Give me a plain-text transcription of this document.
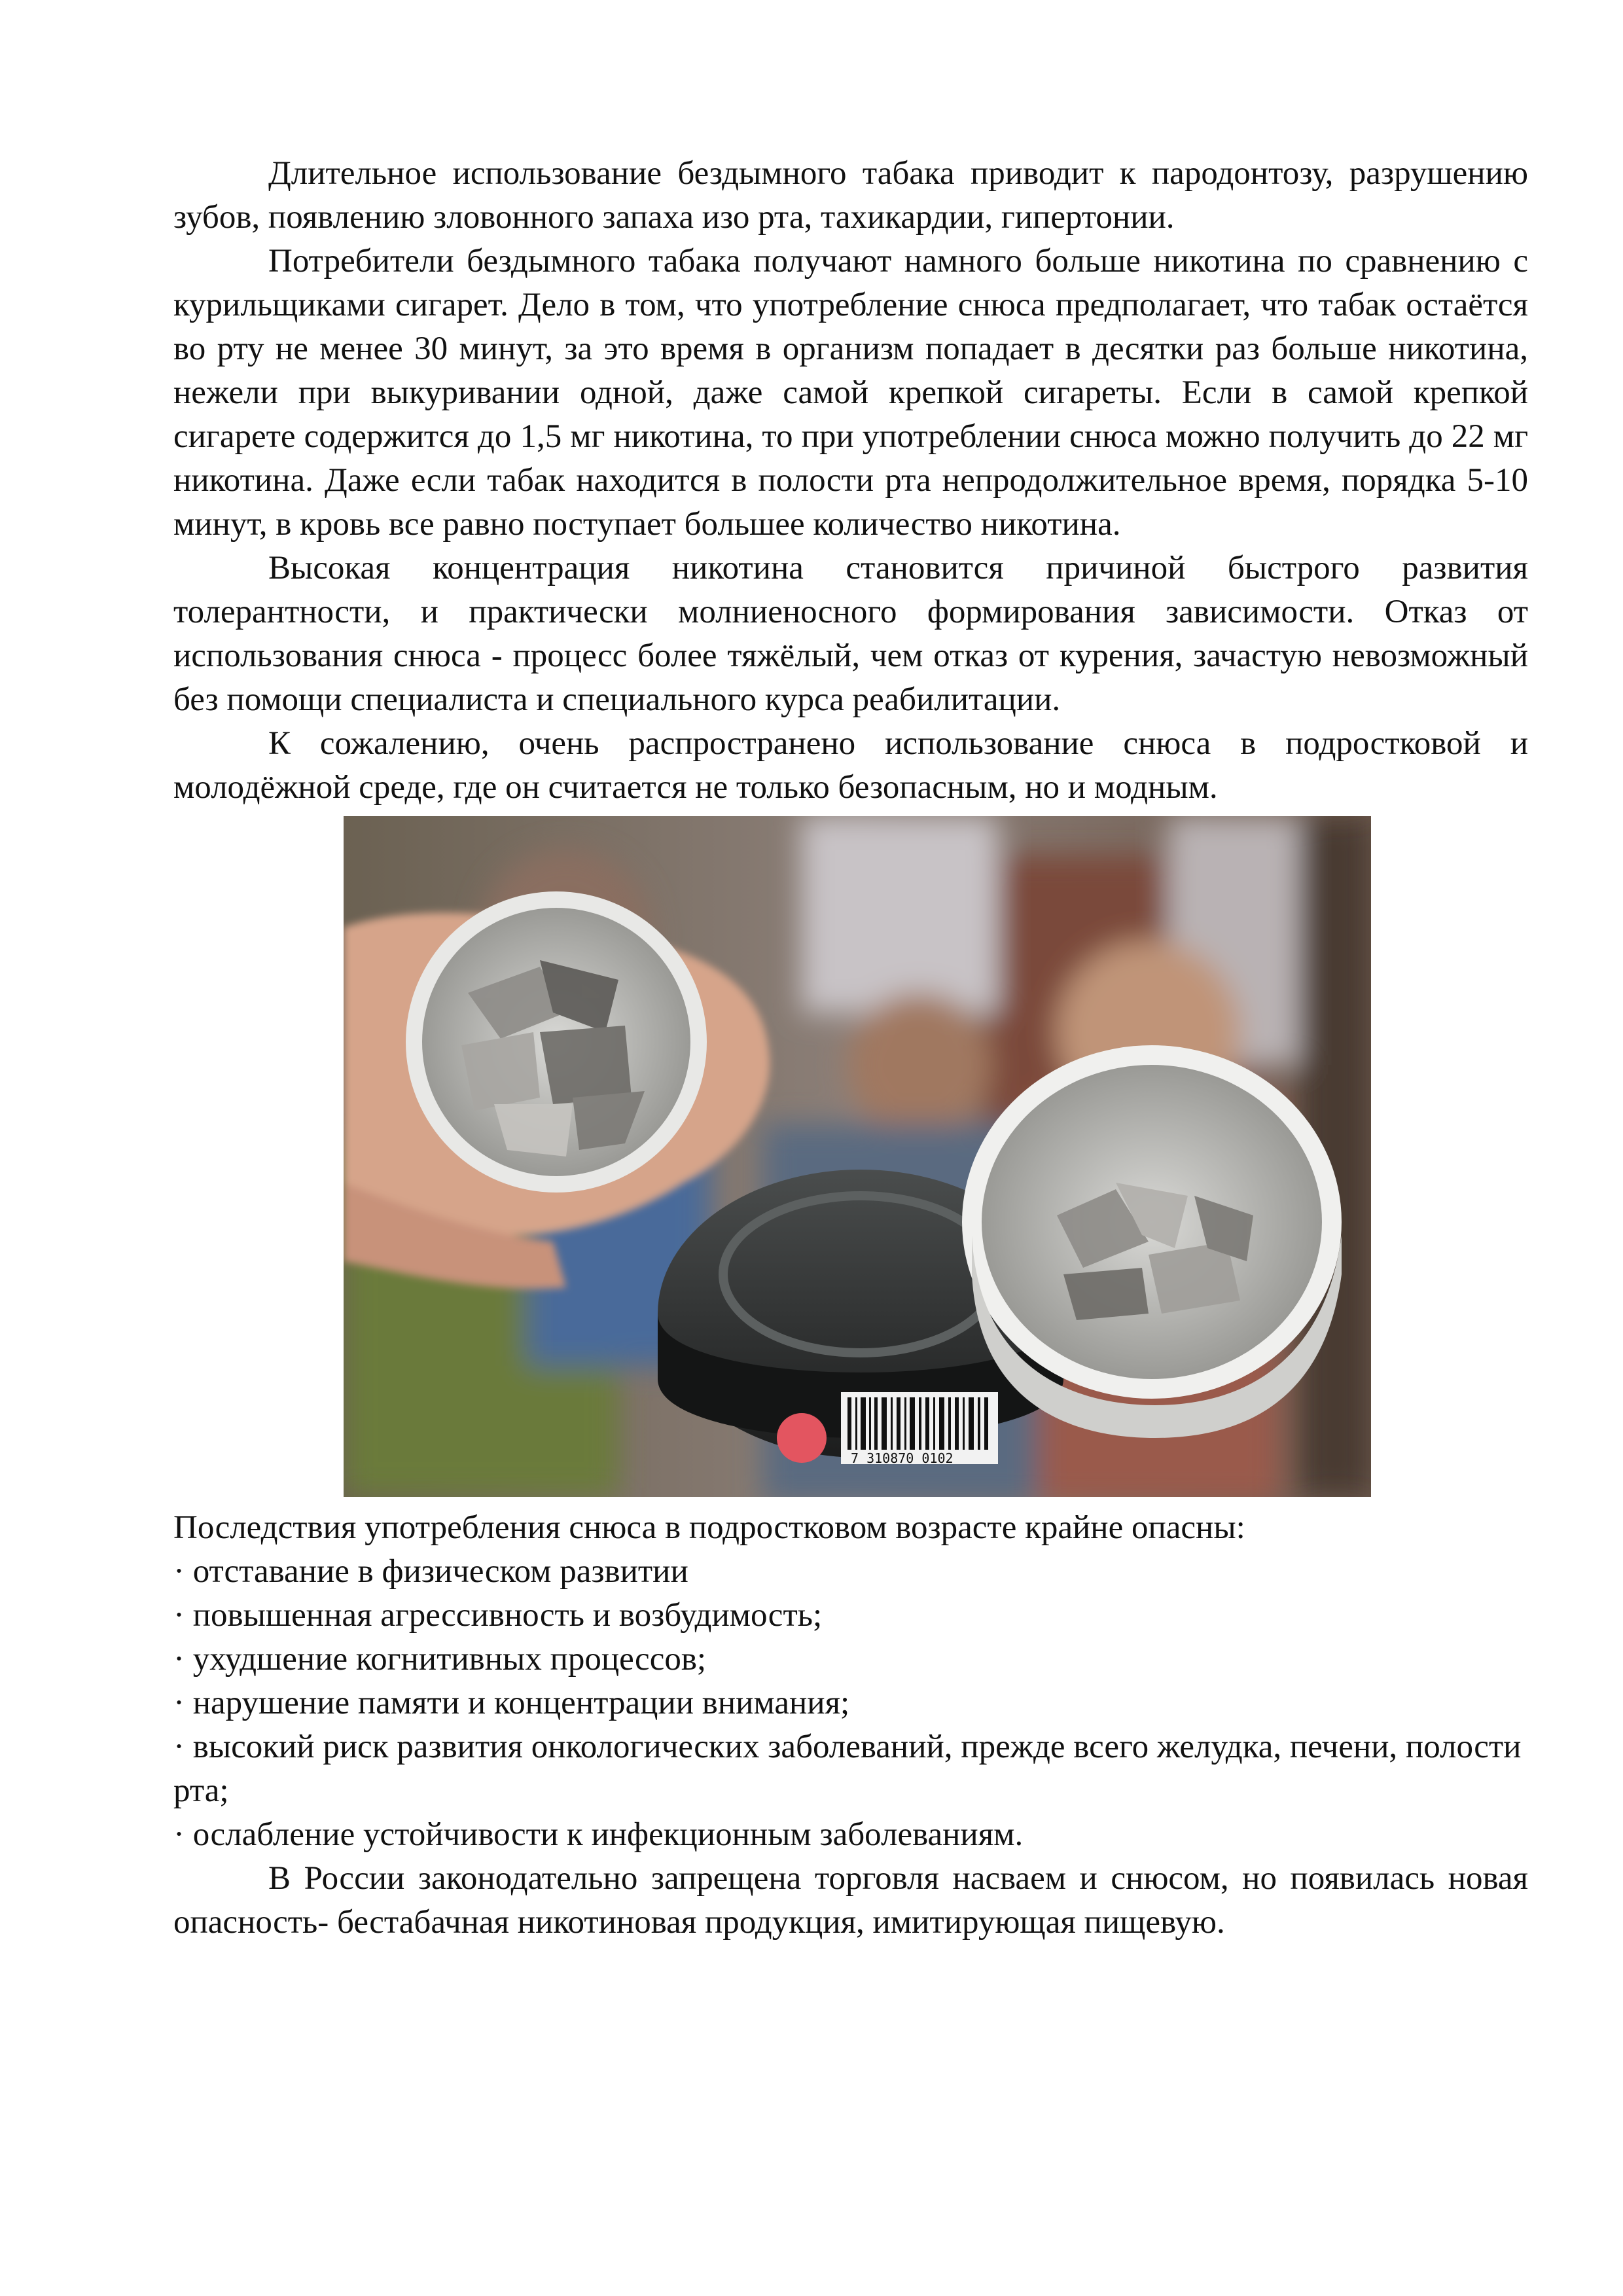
Длительное использование бездымного табака приводит к пародонтозу, разрушению зубов, появлению зловонного запаха изо рта, тахикардии, гипертонии.

Потребители бездымного табака получают намного больше никотина по сравнению с курильщиками сигарет. Дело в том, что употребление снюса предполагает, что табак остаётся во рту не менее 30 минут, за это время в организм попадает в десятки раз больше никотина, нежели при выкуривании одной, даже самой крепкой сигареты. Если в самой крепкой сигарете содержится до 1,5 мг никотина, то при употреблении снюса можно получить до 22 мг никотина. Даже если табак находится в полости рта непродолжительное время, порядка 5-10 минут, в кровь все равно поступает большее количество никотина.

Высокая концентрация никотина становится причиной быстрого развития толерантности, и практически молниеносного формирования зависимости. Отказ от использования снюса - процесс более тяжёлый, чем отказ от курения, зачастую невозможный без помощи специалиста и специального курса реабилитации.

К сожалению, очень распространено использование снюса в подростковой и молодёжной среде, где он считается не только безопасным, но и модным.

7 310870 0102

Последствия употребления снюса в подростковом возрасте крайне опасны:

· отставание в физическом развитии
· повышенная агрессивность и возбудимость;
· ухудшение когнитивных процессов;
· нарушение памяти и концентрации внимания;
· высокий риск развития онкологических заболеваний, прежде всего желудка, печени, полости рта;
· ослабление устойчивости к инфекционным заболеваниям.

В России законодательно запрещена торговля насваем и снюсом, но появилась новая опасность- бестабачная никотиновая продукция, имитирующая пищевую.
